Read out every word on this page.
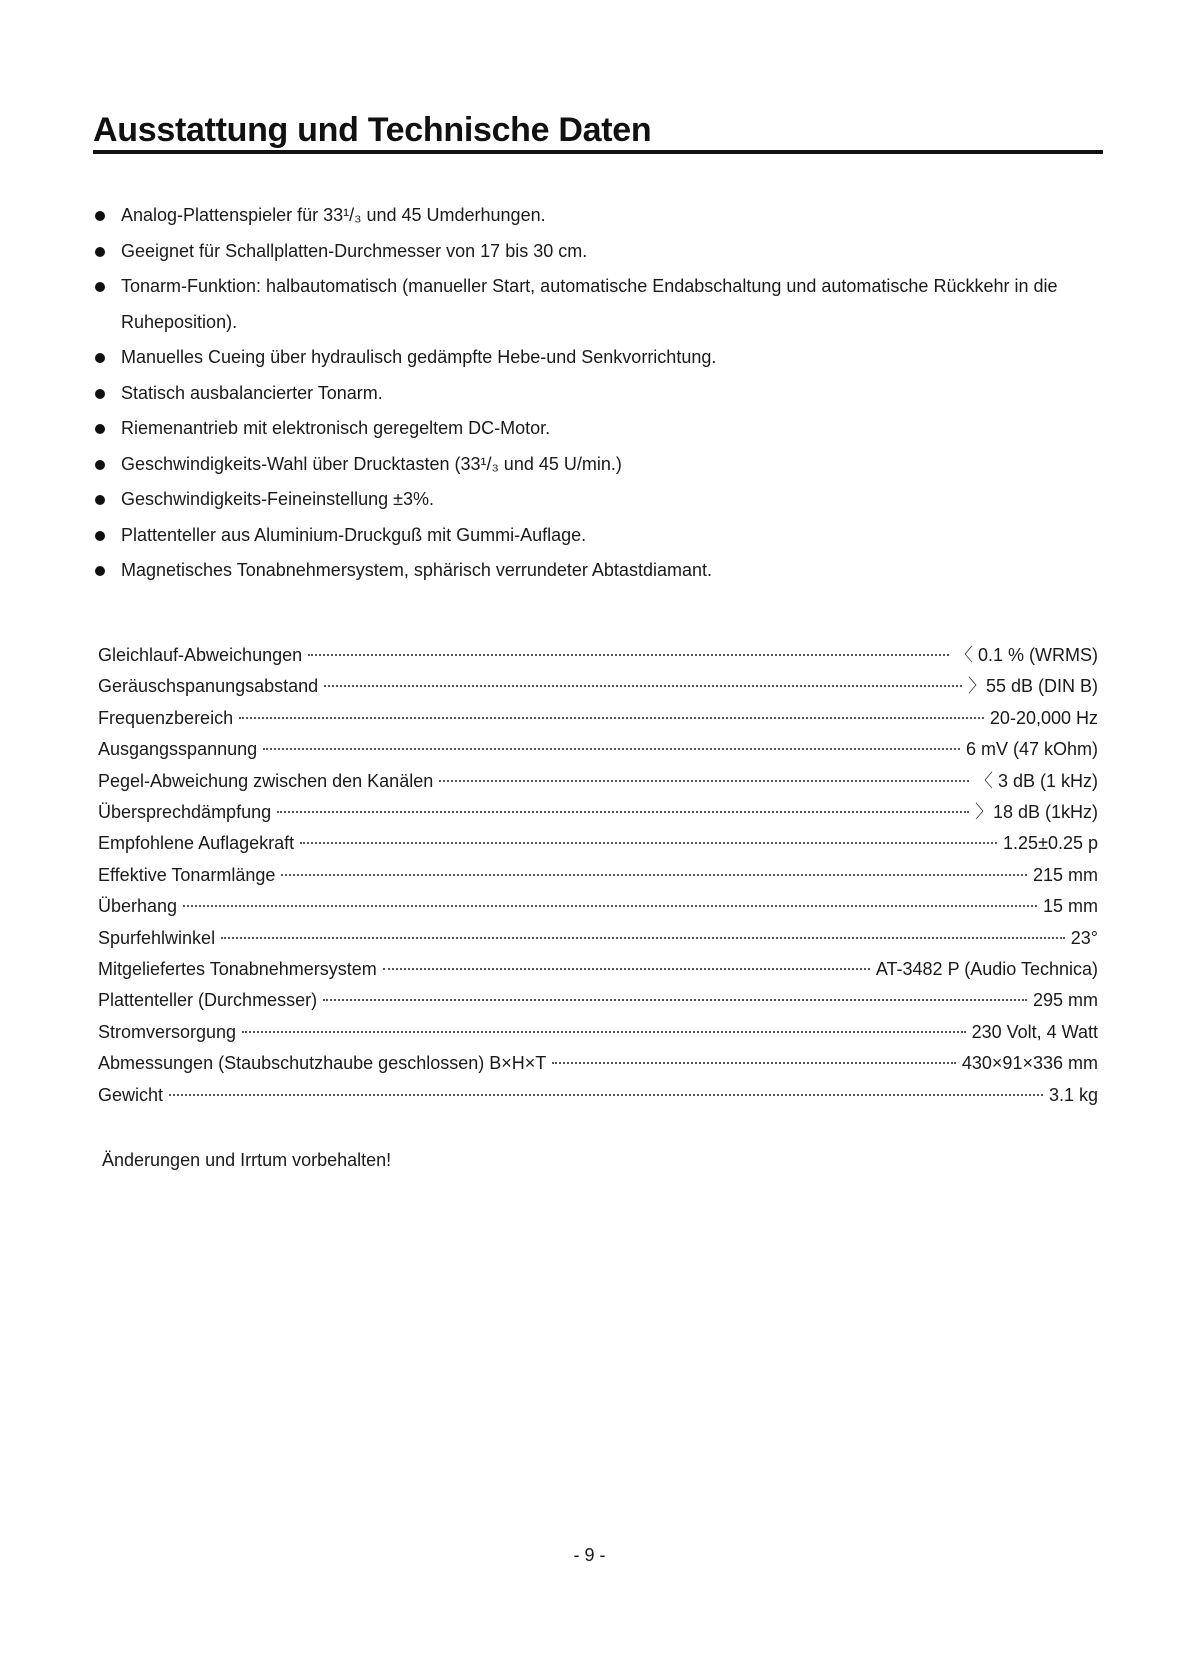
Ausstattung und Technische Daten
Analog-Plattenspieler für 33¹/₃ und 45 Umderhungen.
Geeignet für Schallplatten-Durchmesser von 17 bis 30 cm.
Tonarm-Funktion: halbautomatisch (manueller Start, automatische Endabschaltung und automatische Rückkehr in die Ruheposition).
Manuelles Cueing über hydraulisch gedämpfte Hebe-und Senkvorrichtung.
Statisch ausbalancierter Tonarm.
Riemenantrieb mit elektronisch geregeltem DC-Motor.
Geschwindigkeits-Wahl über Drucktasten (33¹/₃ und 45 U/min.)
Geschwindigkeits-Feineinstellung ±3%.
Plattenteller aus Aluminium-Druckguß mit Gummi-Auflage.
Magnetisches Tonabnehmersystem, sphärisch verrundeter Abtastdiamant.
Gleichlauf-Abweichungen	〈 0.1 % (WRMS)
Geräuschspanungsabstand	〉55 dB (DIN B)
Frequenzbereich	20-20,000 Hz
Ausgangsspannung	6 mV (47 kOhm)
Pegel-Abweichung zwischen den Kanälen	〈 3 dB (1 kHz)
Übersprechdämpfung	〉18 dB (1kHz)
Empfohlene Auflagekraft	1.25±0.25 p
Effektive Tonarmlänge	215 mm
Überhang	15 mm
Spurfehlwinkel	23°
Mitgeliefertes Tonabnehmersystem	AT-3482 P (Audio Technica)
Plattenteller (Durchmesser)	295 mm
Stromversorgung	230 Volt, 4 Watt
Abmessungen (Staubschutzhaube geschlossen) B×H×T	430×91×336 mm
Gewicht	3.1 kg

Änderungen und Irrtum vorbehalten!

- 9 -
